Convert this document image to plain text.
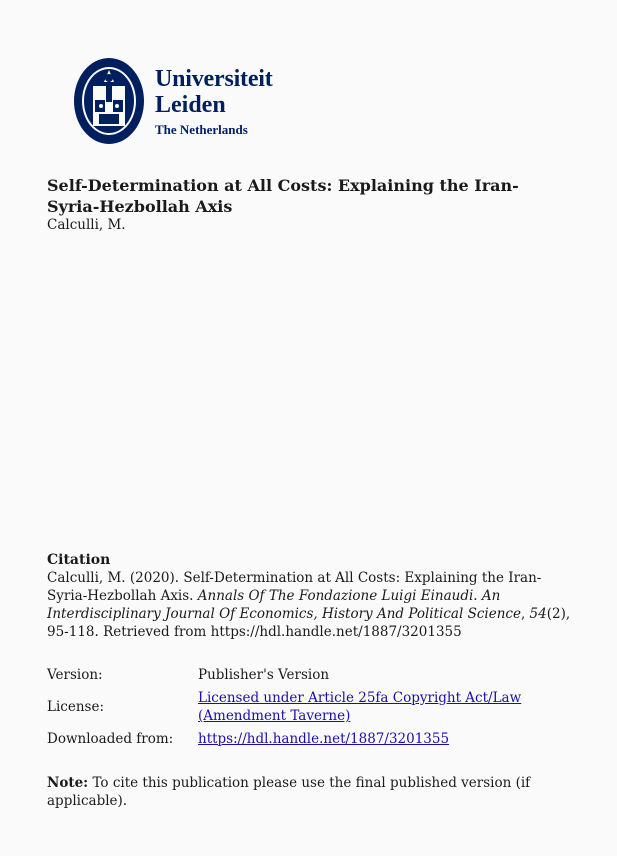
Universiteit
Leiden
The Netherlands
Self-Determination at All Costs: Explaining the Iran-Syria-Hezbollah Axis
Calculli, M.
Citation
Calculli, M. (2020). Self-Determination at All Costs: Explaining the Iran-Syria-Hezbollah Axis. Annals Of The Fondazione Luigi Einaudi. An Interdisciplinary Journal Of Economics, History And Political Science, 54(2), 95-118. Retrieved from https://hdl.handle.net/1887/3201355
Version:	Publisher's Version
License:
Licensed under Article 25fa Copyright Act/Law (Amendment Taverne)
Downloaded from: https://hdl.handle.net/1887/3201355
Note: To cite this publication please use the final published version (if applicable).
